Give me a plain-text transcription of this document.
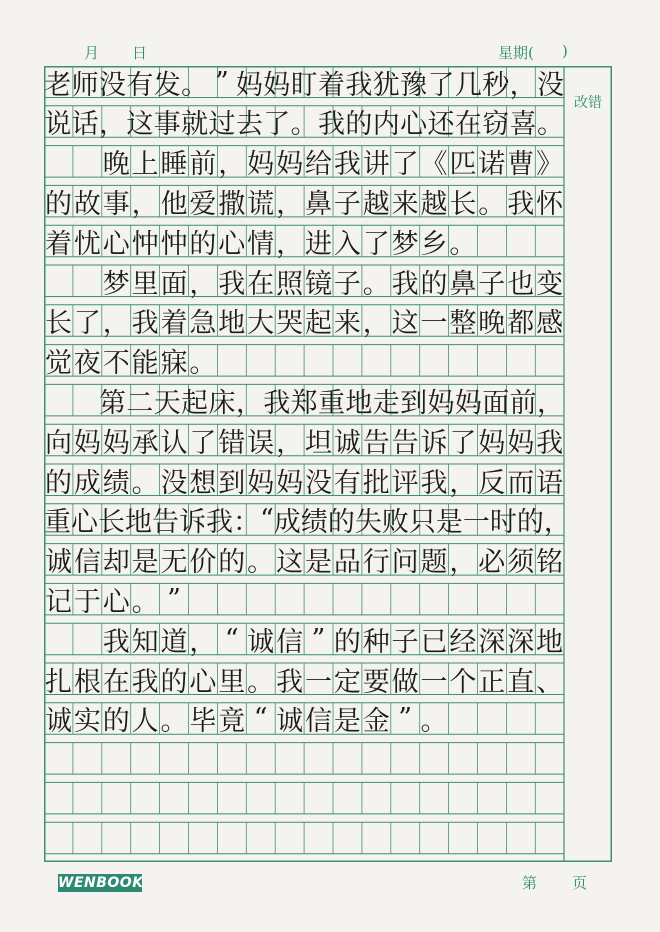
月 日	星期( )
改错
老 师 没 有 发 。 ” 妈 妈 盯 着 我 犹 豫 了 几 秒 ， 没
说 话 ， 这 事 就 过 去 了 。 我 的 内 心 还 在 窃 喜 。

晚 上 睡 前 ， 妈 妈 给 我 讲 了 《 匹 诺 曹 》
的 故 事 ， 他 爱 撒 谎 ， 鼻 子 越 来 越 长 。 我 怀
着 忧 心 忡 忡 的 心 情 ， 进 入 了 梦 乡 。

梦 里 面 ， 我 在 照 镜 子 。 我 的 鼻 子 也 变
长 了 ， 我 着 急 地 大 哭 起 来 ， 这 一 整 晚 都 感
觉 夜 不 能 寐 。

第 二 天 起 床 ， 我 郑 重 地 走 到 妈 妈 面 前 ，
向 妈 妈 承 认 了 错 误 ， 坦 诚 告 告 诉 了 妈 妈 我
的 成 绩 。 没 想 到 妈 妈 没 有 批 评 我 ， 反 而 语
重 心 长 地 告 诉 我 ： “ 成 绩 的 失 败 只 是 一 时 的 ，
诚 信 却 是 无 价 的 。 这 是 品 行 问 题 ， 必 须 铭
记 于 心 。 ”

我 知 道 ， “ 诚 信 ” 的 种 子 已 经 深 深 地
扎 根 在 我 的 心 里 。 我 一 定 要 做 一 个 正 直 、
诚 实 的 人 。 毕 竟 “ 诚 信 是 金 ” 。
WENBOOK	第 页
